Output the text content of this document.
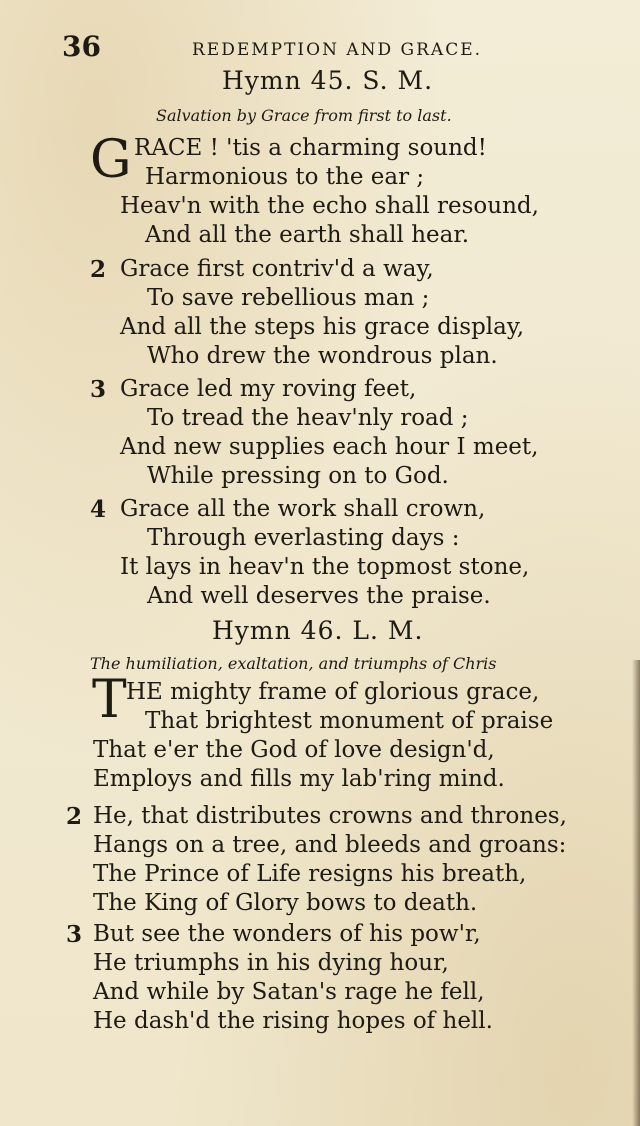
36	REDEMPTION AND GRACE.
Hymn 45. S. M.
Salvation by Grace from first to last.
G RACE ! 'tis a charming sound!
Harmonious to the ear ;
Heav'n with the echo shall resound,
And all the earth shall hear.
2 Grace first contriv'd a way,
To save rebellious man ;
And all the steps his grace display,
Who drew the wondrous plan.
3 Grace led my roving feet,
To tread the heav'nly road ;
And new supplies each hour I meet,
While pressing on to God.
4 Grace all the work shall crown,
Through everlasting days :
It lays in heav'n the topmost stone,
And well deserves the praise.
Hymn 46. L. M.
The humiliation, exaltation, and triumphs of Chris
T HE mighty frame of glorious grace,
That brightest monument of praise
That e'er the God of love design'd,
Employs and fills my lab'ring mind.
2 He, that distributes crowns and thrones,
Hangs on a tree, and bleeds and groans:
The Prince of Life resigns his breath,
The King of Glory bows to death.
3 But see the wonders of his pow'r,
He triumphs in his dying hour,
And while by Satan's rage he fell,
He dash'd the rising hopes of hell.
